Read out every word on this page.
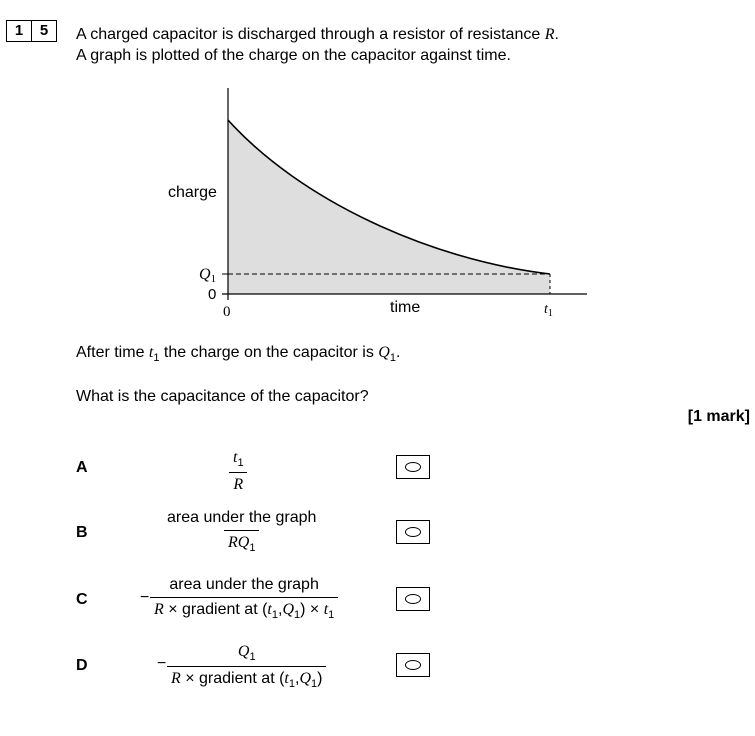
1	5	A charged capacitor is discharged through a resistor of resistance R.
A graph is plotted of the charge on the capacitor against time.
charge
Q1
0
0	time	$t_1$
After time $t_1$ the charge on the capacitor is $Q_1$.
What is the capacitance of the capacitor?
[1 mark]
A	$\frac{t_1}{R}$
B
area under the graph
$RQ_1$
C	−
area under the graph
R × gradient at $(t_1,Q_1) \times t_1$
D	−
$Q_1$
R × gradient at $(t_1,Q_1)$
